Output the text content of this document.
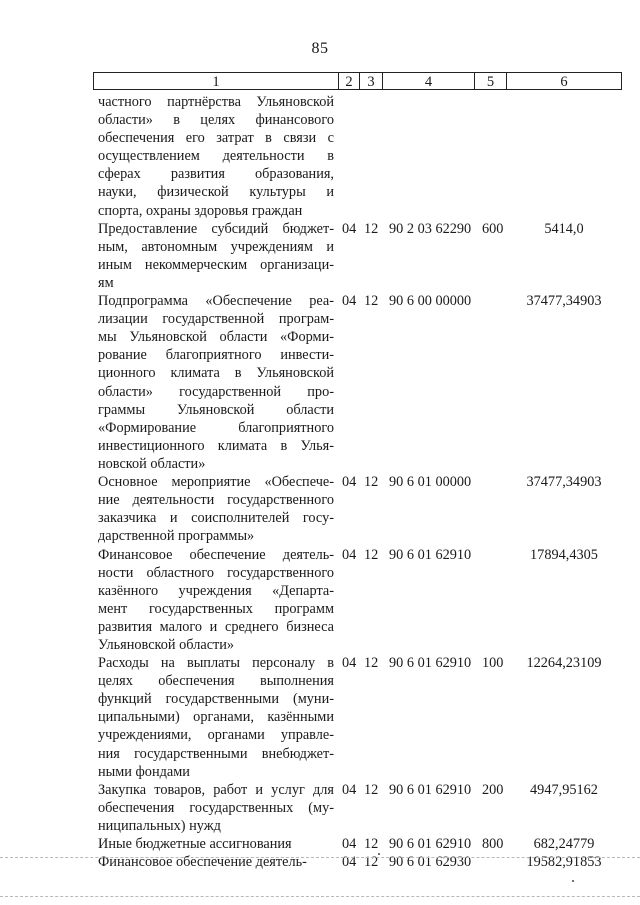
85
1	2	3	4	5	6
частного партнёрства Ульяновской
области» в целях финансового
обеспечения его затрат в связи с
осуществлением деятельности в
сферах развития образования,
науки, физической культуры и
спорта, охраны здоровья граждан
Предоставление субсидий бюджет-
ным, автономным учреждениям и
иным некоммерческим организаци-
ям
04 12 90 2 03 62290 600	5414,0
Подпрограмма «Обеспечение реа-
лизации государственной програм-
мы Ульяновской области «Форми-
рование благоприятного инвести-
ционного климата в Ульяновской
области» государственной про-
граммы Ульяновской области
«Формирование благоприятного
инвестиционного климата в Улья-
новской области»
04 12 90 6 00 00000	37477,34903
Основное мероприятие «Обеспече-
ние деятельности государственного
заказчика и соисполнителей госу-
дарственной программы»
04 12 90 6 01 00000	37477,34903
Финансовое обеспечение деятель-
ности областного государственного
казённого учреждения «Департа-
мент государственных программ
развития малого и среднего бизнеса
Ульяновской области»
04 12 90 6 01 62910	17894,4305
Расходы на выплаты персоналу в
целях обеспечения выполнения
функций государственными (муни-
ципальными) органами, казёнными
учреждениями, органами управле-
ния государственными внебюджет-
ными фондами
04 12 90 6 01 62910 100	12264,23109
Закупка товаров, работ и услуг для
обеспечения государственных (му-
ниципальных) нужд
04 12 90 6 01 62910 200	4947,95162
Иные бюджетные ассигнования	04 12 90 6 01 62910 800	682,24779
Финансовое обеспечение деятель-	04 12 90 6 01 62930	19582,91853
